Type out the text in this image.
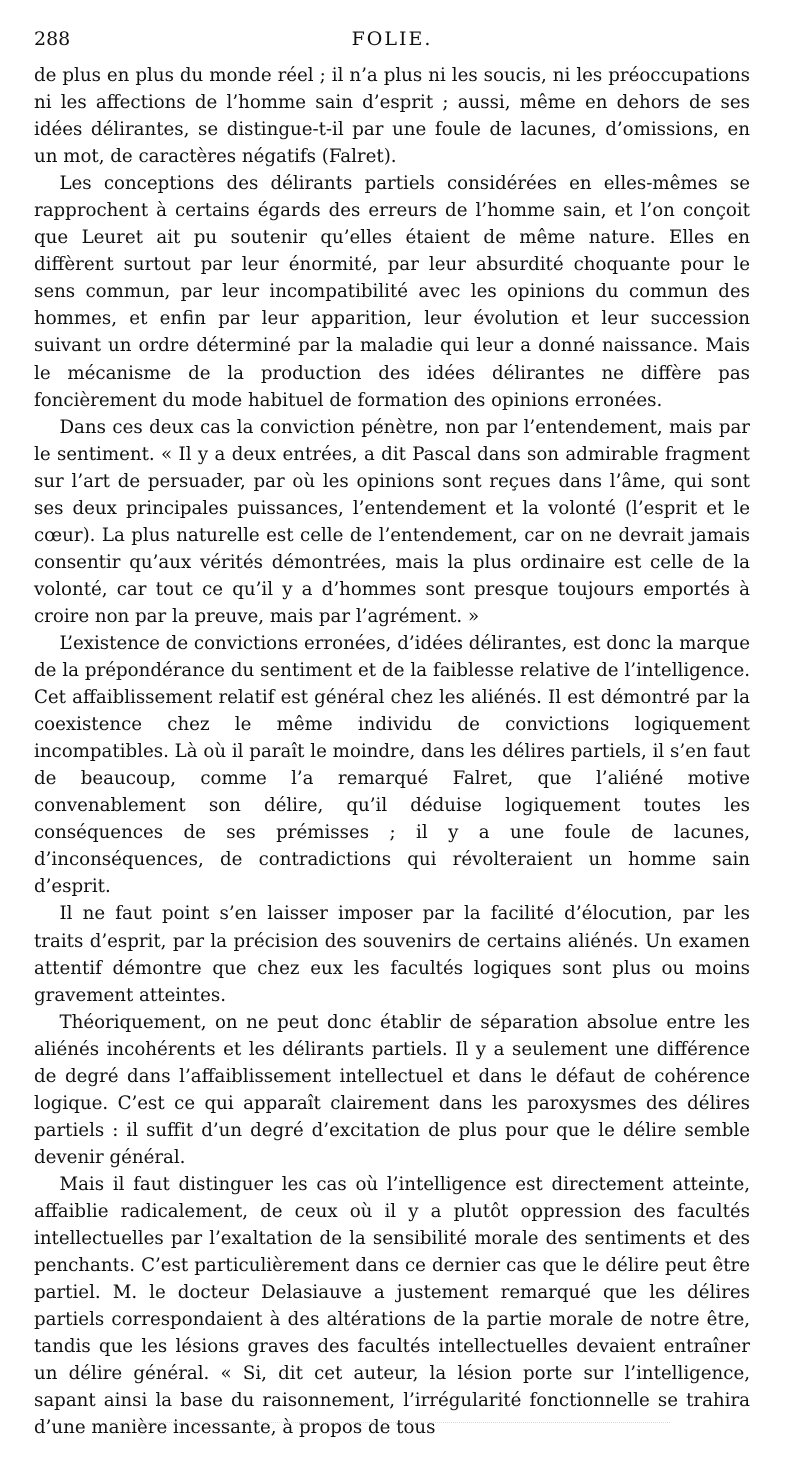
288	FOLIE.

de plus en plus du monde réel ; il n’a plus ni les soucis, ni les préoccupations ni les affections de l’homme sain d’esprit ; aussi, même en dehors de ses idées délirantes, se distingue-t-il par une foule de lacunes, d’omissions, en un mot, de caractères négatifs (Falret).

Les conceptions des délirants partiels considérées en elles-mêmes se rapprochent à certains égards des erreurs de l’homme sain, et l’on conçoit que Leuret ait pu soutenir qu’elles étaient de même nature. Elles en diffèrent surtout par leur énormité, par leur absurdité choquante pour le sens commun, par leur incompatibilité avec les opinions du commun des hommes, et enfin par leur apparition, leur évolution et leur succession suivant un ordre déterminé par la maladie qui leur a donné naissance. Mais le mécanisme de la production des idées délirantes ne diffère pas foncièrement du mode habituel de formation des opinions erronées.

Dans ces deux cas la conviction pénètre, non par l’entendement, mais par le sentiment. « Il y a deux entrées, a dit Pascal dans son admirable fragment sur l’art de persuader, par où les opinions sont reçues dans l’âme, qui sont ses deux principales puissances, l’entendement et la volonté (l’esprit et le cœur). La plus naturelle est celle de l’entendement, car on ne devrait jamais consentir qu’aux vérités démontrées, mais la plus ordinaire est celle de la volonté, car tout ce qu’il y a d’hommes sont presque toujours emportés à croire non par la preuve, mais par l’agrément. »

L’existence de convictions erronées, d’idées délirantes, est donc la marque de la prépondérance du sentiment et de la faiblesse relative de l’intelligence. Cet affaiblissement relatif est général chez les aliénés. Il est démontré par la coexistence chez le même individu de convictions logiquement incompatibles. Là où il paraît le moindre, dans les délires partiels, il s’en faut de beaucoup, comme l’a remarqué Falret, que l’aliéné motive convenablement son délire, qu’il déduise logiquement toutes les conséquences de ses prémisses ; il y a une foule de lacunes, d’inconséquences, de contradictions qui révolteraient un homme sain d’esprit.

Il ne faut point s’en laisser imposer par la facilité d’élocution, par les traits d’esprit, par la précision des souvenirs de certains aliénés. Un examen attentif démontre que chez eux les facultés logiques sont plus ou moins gravement atteintes.

Théoriquement, on ne peut donc établir de séparation absolue entre les aliénés incohérents et les délirants partiels. Il y a seulement une différence de degré dans l’affaiblissement intellectuel et dans le défaut de cohérence logique. C’est ce qui apparaît clairement dans les paroxysmes des délires partiels : il suffit d’un degré d’excitation de plus pour que le délire semble devenir général.

Mais il faut distinguer les cas où l’intelligence est directement atteinte, affaiblie radicalement, de ceux où il y a plutôt oppression des facultés intellectuelles par l’exaltation de la sensibilité morale des sentiments et des penchants. C’est particulièrement dans ce dernier cas que le délire peut être partiel. M. le docteur Delasiauve a justement remarqué que les délires partiels correspondaient à des altérations de la partie morale de notre être, tandis que les lésions graves des facultés intellectuelles devaient entraîner un délire général. « Si, dit cet auteur, la lésion porte sur l’intelligence, sapant ainsi la base du raisonnement, l’irrégularité fonctionnelle se trahira d’une manière incessante, à propos de tous
